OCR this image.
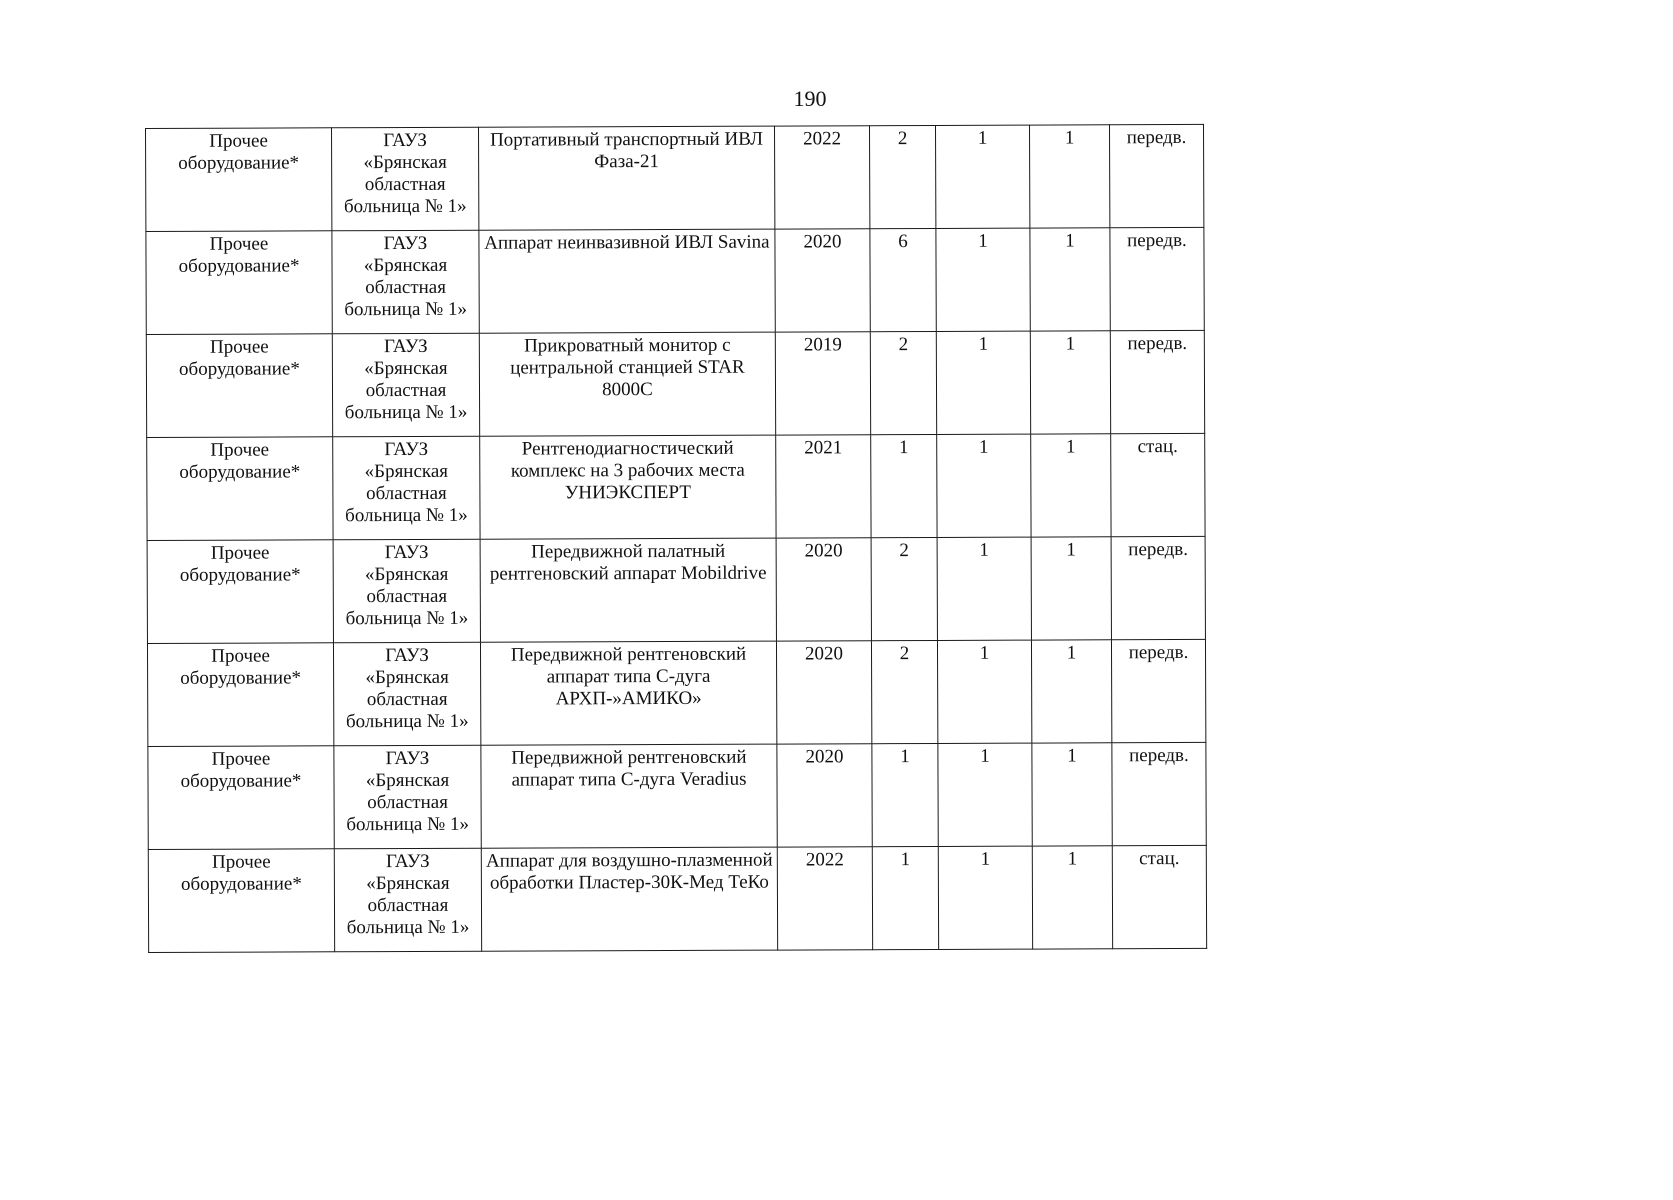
190
Прочее оборудование*	ГАУЗ
«Брянская
областная
больница № 1»	Портативный транспортный ИВЛ Фаза-21	2022	2	1	1	передв.
Прочее оборудование*	ГАУЗ
«Брянская
областная
больница № 1»	Аппарат неинвазивной ИВЛ Savina	2020	6	1	1	передв.
Прочее оборудование*	ГАУЗ
«Брянская
областная
больница № 1»	Прикроватный монитор с центральной станцией STAR 8000C	2019	2	1	1	передв.
Прочее оборудование*	ГАУЗ
«Брянская
областная
больница № 1»	Рентгенодиагностический комплекс на 3 рабочих места УНИЭКСПЕРТ	2021	1	1	1	стац.
Прочее оборудование*	ГАУЗ
«Брянская
областная
больница № 1»	Передвижной палатный рентгеновский аппарат Mobildrive	2020	2	1	1	передв.
Прочее оборудование*	ГАУЗ
«Брянская
областная
больница № 1»	Передвижной рентгеновский аппарат типа С-дуга АРХП-»АМИКО»	2020	2	1	1	передв.
Прочее оборудование*	ГАУЗ
«Брянская
областная
больница № 1»	Передвижной рентгеновский аппарат типа С-дуга Veradius	2020	1	1	1	передв.
Прочее оборудование*	ГАУЗ
«Брянская
областная
больница № 1»	Аппарат для воздушно-плазменной обработки Пластер-30К-Мед ТеКо	2022	1	1	1	стац.
